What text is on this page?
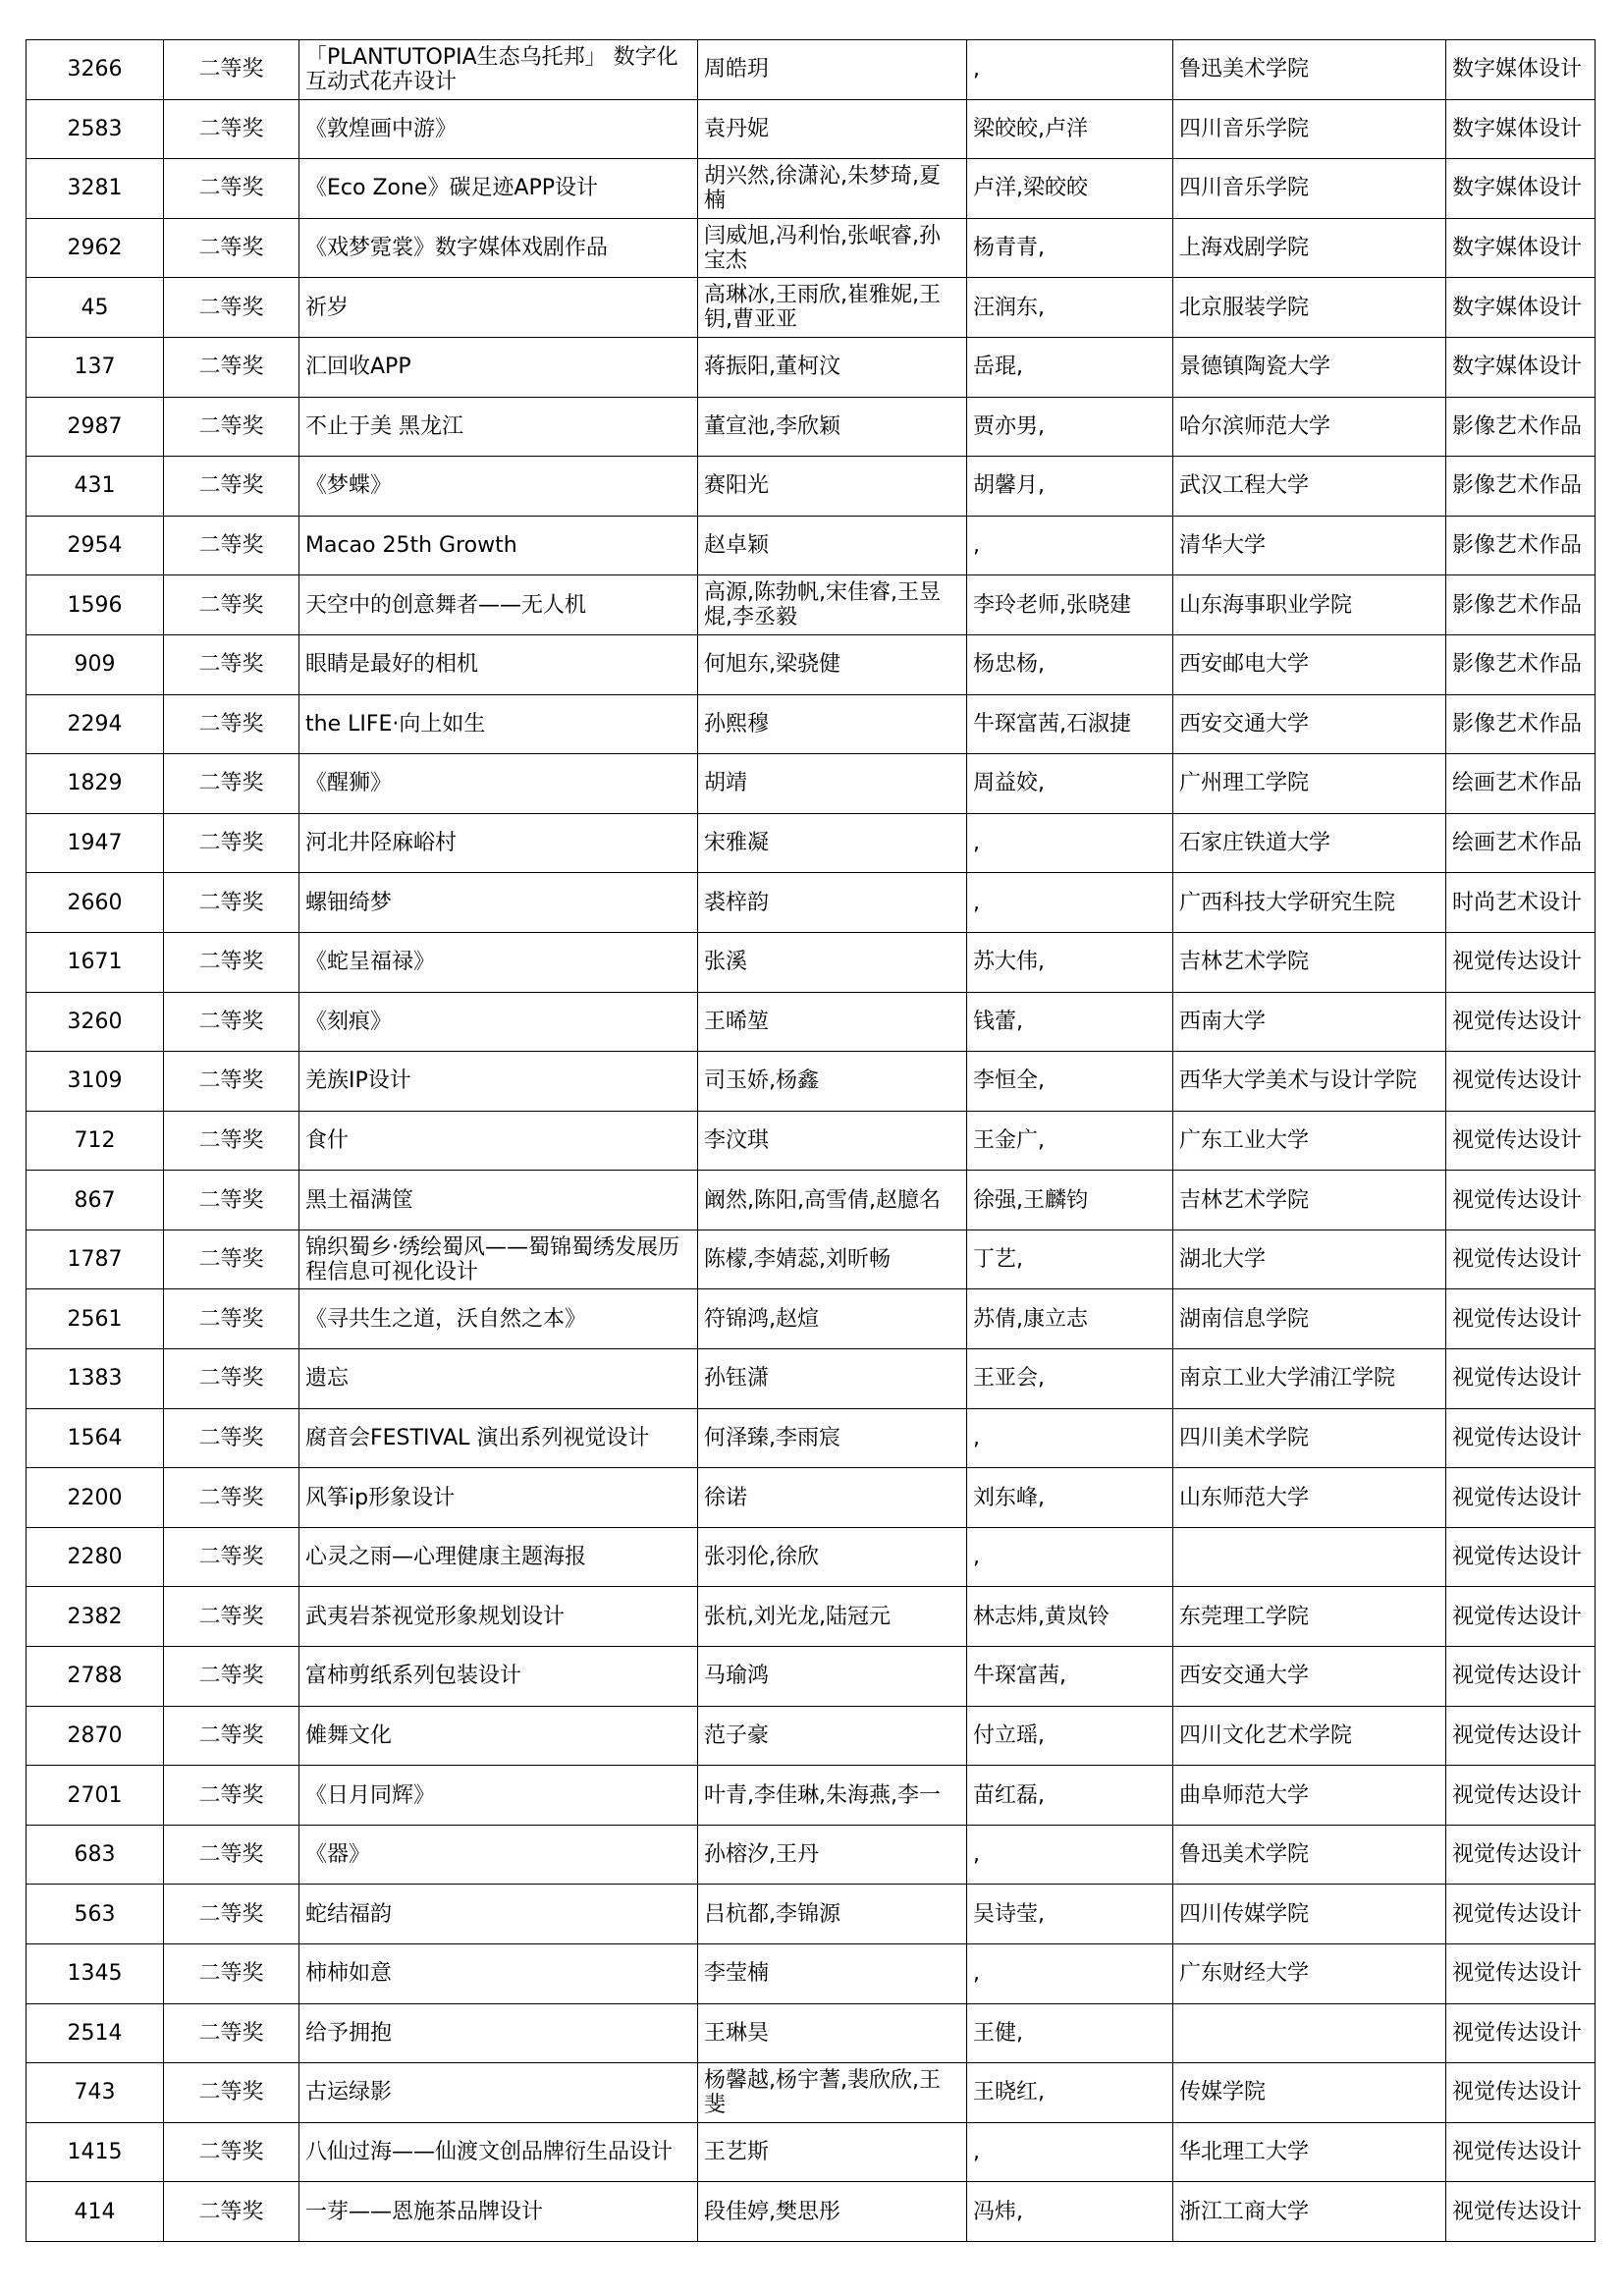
3266	二等奖	「PLANTUTOPIA生态乌托邦」 数字化互动式花卉设计	周皓玥	,	鲁迅美术学院	数字媒体设计
2583	二等奖	《敦煌画中游》	袁丹妮	梁皎皎,卢洋	四川音乐学院	数字媒体设计
3281	二等奖	《Eco Zone》碳足迹APP设计	胡兴然,徐潇沁,朱梦琦,夏楠	卢洋,梁皎皎	四川音乐学院	数字媒体设计
2962	二等奖	《戏梦霓裳》数字媒体戏剧作品	闫威旭,冯利怡,张岷睿,孙宝杰	杨青青,	上海戏剧学院	数字媒体设计
45	二等奖	祈岁	高琳冰,王雨欣,崔雅妮,王钥,曹亚亚	汪润东,	北京服装学院	数字媒体设计
137	二等奖	汇回收APP	蒋振阳,董柯汶	岳琨,	景德镇陶瓷大学	数字媒体设计
2987	二等奖	不止于美 黑龙江	董宣池,李欣颖	贾亦男,	哈尔滨师范大学	影像艺术作品
431	二等奖	《梦蝶》	赛阳光	胡馨月,	武汉工程大学	影像艺术作品
2954	二等奖	Macao 25th Growth	赵卓颖	,	清华大学	影像艺术作品
1596	二等奖	天空中的创意舞者——无人机	高源,陈勃帆,宋佳睿,王昱焜,李丞毅	李玲老师,张晓建	山东海事职业学院	影像艺术作品
909	二等奖	眼睛是最好的相机	何旭东,梁骁健	杨忠杨,	西安邮电大学	影像艺术作品
2294	二等奖	the LIFE·向上如生	孙熙穆	牛琛富茜,石淑捷	西安交通大学	影像艺术作品
1829	二等奖	《醒狮》	胡靖	周益姣,	广州理工学院	绘画艺术作品
1947	二等奖	河北井陉麻峪村	宋雅凝	,	石家庄铁道大学	绘画艺术作品
2660	二等奖	螺钿绮梦	裘梓韵	,	广西科技大学研究生院	时尚艺术设计
1671	二等奖	《蛇呈福禄》	张溪	苏大伟,	吉林艺术学院	视觉传达设计
3260	二等奖	《刻痕》	王晞堃	钱蕾,	西南大学	视觉传达设计
3109	二等奖	羌族IP设计	司玉娇,杨鑫	李恒全,	西华大学美术与设计学院	视觉传达设计
712	二等奖	食什	李汶琪	王金广,	广东工业大学	视觉传达设计
867	二等奖	黑土福满筐	阚然,陈阳,高雪倩,赵臆名	徐强,王麟钧	吉林艺术学院	视觉传达设计
1787	二等奖	锦织蜀乡·绣绘蜀风——蜀锦蜀绣发展历程信息可视化设计	陈檬,李婧蕊,刘昕畅	丁艺,	湖北大学	视觉传达设计
2561	二等奖	《寻共生之道，沃自然之本》	符锦鸿,赵煊	苏倩,康立志	湖南信息学院	视觉传达设计
1383	二等奖	遗忘	孙钰潇	王亚会,	南京工业大学浦江学院	视觉传达设计
1564	二等奖	腐音会FESTIVAL 演出系列视觉设计	何泽臻,李雨宸	,	四川美术学院	视觉传达设计
2200	二等奖	风筝ip形象设计	徐诺	刘东峰,	山东师范大学	视觉传达设计
2280	二等奖	心灵之雨—心理健康主题海报	张羽伦,徐欣	,		视觉传达设计
2382	二等奖	武夷岩茶视觉形象规划设计	张杭,刘光龙,陆冠元	林志炜,黄岚铃	东莞理工学院	视觉传达设计
2788	二等奖	富柿剪纸系列包装设计	马瑜鸿	牛琛富茜,	西安交通大学	视觉传达设计
2870	二等奖	傩舞文化	范子豪	付立瑶,	四川文化艺术学院	视觉传达设计
2701	二等奖	《日月同辉》	叶青,李佳琳,朱海燕,李一	苗红磊,	曲阜师范大学	视觉传达设计
683	二等奖	《器》	孙榕汐,王丹	,	鲁迅美术学院	视觉传达设计
563	二等奖	蛇结福韵	吕杭都,李锦源	吴诗莹,	四川传媒学院	视觉传达设计
1345	二等奖	柿柿如意	李莹楠	,	广东财经大学	视觉传达设计
2514	二等奖	给予拥抱	王琳昊	王健,		视觉传达设计
743	二等奖	古运绿影	杨馨越,杨宇蓍,裴欣欣,王斐	王晓红,	传媒学院	视觉传达设计
1415	二等奖	八仙过海——仙渡文创品牌衍生品设计	王艺斯	,	华北理工大学	视觉传达设计
414	二等奖	一芽——恩施茶品牌设计	段佳婷,樊思彤	冯炜,	浙江工商大学	视觉传达设计
